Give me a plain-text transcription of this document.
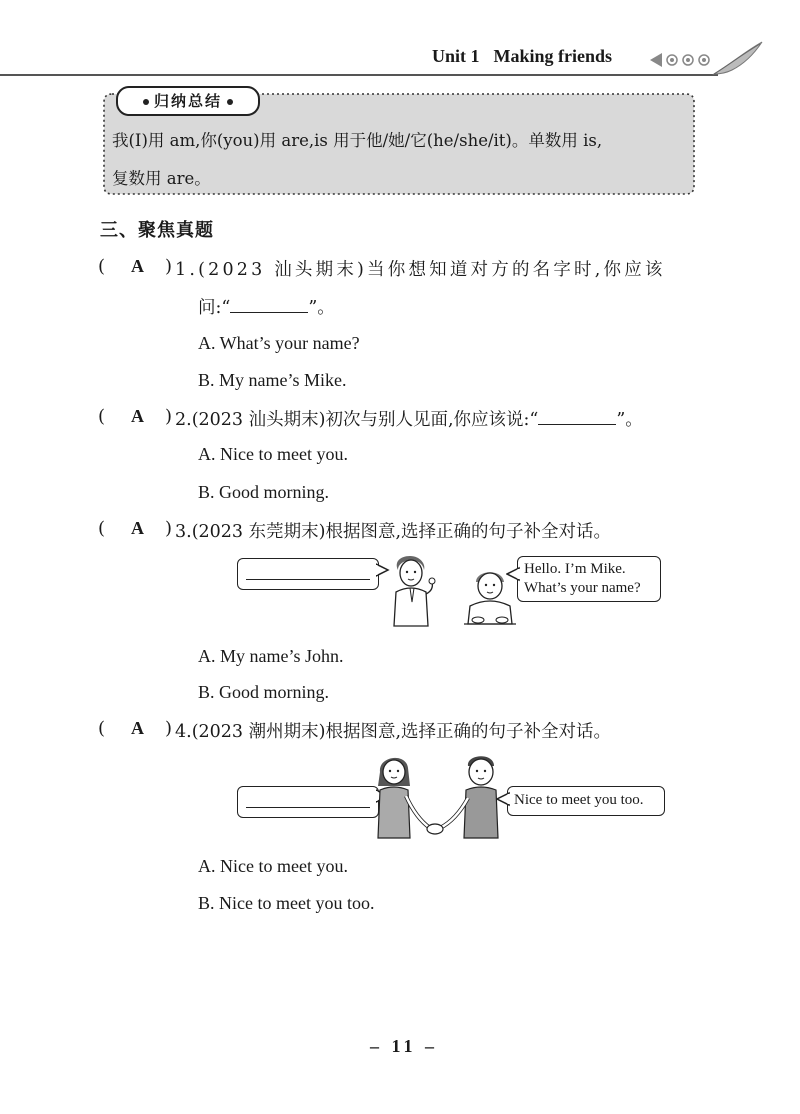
Unit 1 Making friends
归纳总结
我(I)用 am,你(you)用 are,is 用于他/她/它(he/she/it)。单数用 is,
复数用 are。
三、聚焦真题
( A ) 1.(2023 汕头期末)当你想知道对方的名字时,你应该
问:“	”。
A. What’s your name?
B. My name’s Mike.
( A ) 2.(2023 汕头期末)初次与别人见面,你应该说:“	”。
A. Nice to meet you.
B. Good morning.
( A ) 3.(2023 东莞期末)根据图意,选择正确的句子补全对话。
Hello. I’m Mike.
What’s your name?
A. My name’s John.
B. Good morning.
( A ) 4.(2023 潮州期末)根据图意,选择正确的句子补全对话。
Nice to meet you too.
A. Nice to meet you.
B. Nice to meet you too.
– 11 –
